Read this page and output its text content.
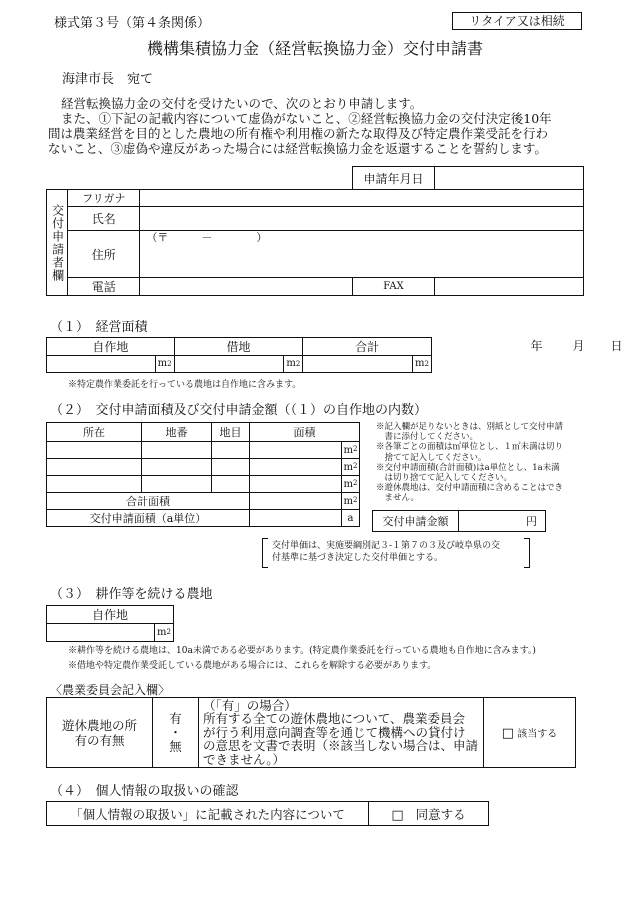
様式第３号（第４条関係）	リタイア又は相続
機構集積協力金（経営転換協力金）交付申請書
海津市長　宛て
経営転換協力金の交付を受けたいので、次のとおり申請します。
また、①下記の記載内容について虚偽がないこと、②経営転換協力金の交付決定後10年
間は農業経営を目的とした農地の所有権や利用権の新たな取得及び特定農作業受託を行わ
ないこと、③虚偽や違反があった場合には経営転換協力金を返還することを誓約します。
			申請年月日	年 月 日

交付申請者欄	フリガナ			
	氏名			
	住所	（〒　　　－　　　　）		

	電話		FAX	
（１）　経営面積
自作地	借地	合計

$m^2$	$m^2$	$m^2$
※特定農作業委託を行っている農地は自作地に含みます。
（２）　交付申請面積及び交付申請金額（（１）の自作地の内数）
所在	地番	地目	面積	
				$m^2$
				$m^2$
				$m^2$
合計面積				$m^2$
交付申請面積（a単位）				a
※記入欄が足りないときは、別紙として交付申請
　書に添付してください。
※各筆ごとの面積は㎡単位とし、１㎡未満は切り
　捨てて記入してください。
※交付申請面積(合計面積)はa単位とし、1a未満
　は切り捨てて記入してください。
※遊休農地は、交付申請面積に含めることはでき
　ません。
交付申請金額	円
交付単価は、実施要綱別記３-１第７の３及び岐阜県の交
付基準に基づき決定した交付単価とする。
（３）　耕作等を続ける農地
自作地

$m^2$
※耕作等を続ける農地は、10a未満である必要があります。(特定農作業委託を行っている農地も自作地に含みます。)
※借地や特定農作業受託している農地がある場合には、これらを解除する必要があります。
〈農業委員会記入欄〉
遊休農地の所
有の有無

有
・
無

（「有」の場合）
所有する全ての遊休農地について、農業委員会
が行う利用意向調査等を通じて機構への貸付け
の意思を文書で表明（※該当しない場合は、申請
できません。）
	□ 該当する
（４）　個人情報の取扱いの確認
「個人情報の取扱い」に記載された内容について	□ 同意する
